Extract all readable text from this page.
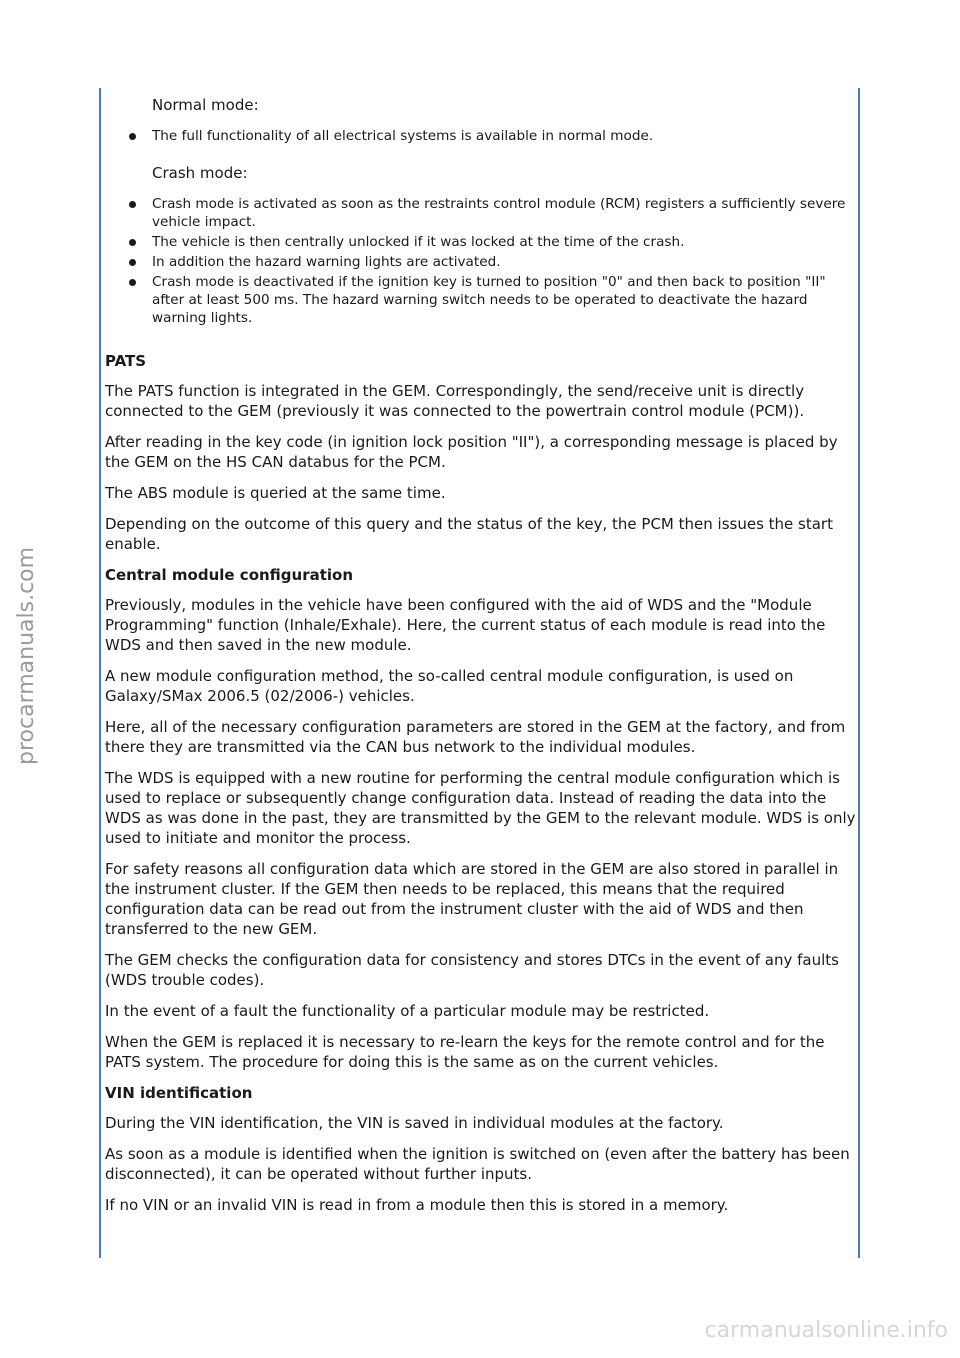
procarmanuals.com
carmanualsonline.info
Normal mode:
The full functionality of all electrical systems is available in normal mode.
Crash mode:
Crash mode is activated as soon as the restraints control module (RCM) registers a sufficiently severe vehicle impact.
The vehicle is then centrally unlocked if it was locked at the time of the crash.
In addition the hazard warning lights are activated.
Crash mode is deactivated if the ignition key is turned to position "0" and then back to position "II" after at least 500 ms. The hazard warning switch needs to be operated to deactivate the hazard warning lights.
PATS

The PATS function is integrated in the GEM. Correspondingly, the send/receive unit is directly connected to the GEM (previously it was connected to the powertrain control module (PCM)).

After reading in the key code (in ignition lock position "II"), a corresponding message is placed by the GEM on the HS CAN databus for the PCM.

The ABS module is queried at the same time.

Depending on the outcome of this query and the status of the key, the PCM then issues the start enable.

Central module configuration

Previously, modules in the vehicle have been configured with the aid of WDS and the "Module Programming" function (Inhale/Exhale). Here, the current status of each module is read into the WDS and then saved in the new module.

A new module configuration method, the so-called central module configuration, is used on Galaxy/SMax 2006.5 (02/2006-) vehicles.

Here, all of the necessary configuration parameters are stored in the GEM at the factory, and from there they are transmitted via the CAN bus network to the individual modules.

The WDS is equipped with a new routine for performing the central module configuration which is used to replace or subsequently change configuration data. Instead of reading the data into the WDS as was done in the past, they are transmitted by the GEM to the relevant module. WDS is only used to initiate and monitor the process.

For safety reasons all configuration data which are stored in the GEM are also stored in parallel in the instrument cluster. If the GEM then needs to be replaced, this means that the required configuration data can be read out from the instrument cluster with the aid of WDS and then transferred to the new GEM.

The GEM checks the configuration data for consistency and stores DTCs in the event of any faults (WDS trouble codes).

In the event of a fault the functionality of a particular module may be restricted.

When the GEM is replaced it is necessary to re-learn the keys for the remote control and for the PATS system. The procedure for doing this is the same as on the current vehicles.

VIN identification

During the VIN identification, the VIN is saved in individual modules at the factory.

As soon as a module is identified when the ignition is switched on (even after the battery has been disconnected), it can be operated without further inputs.

If no VIN or an invalid VIN is read in from a module then this is stored in a memory.
